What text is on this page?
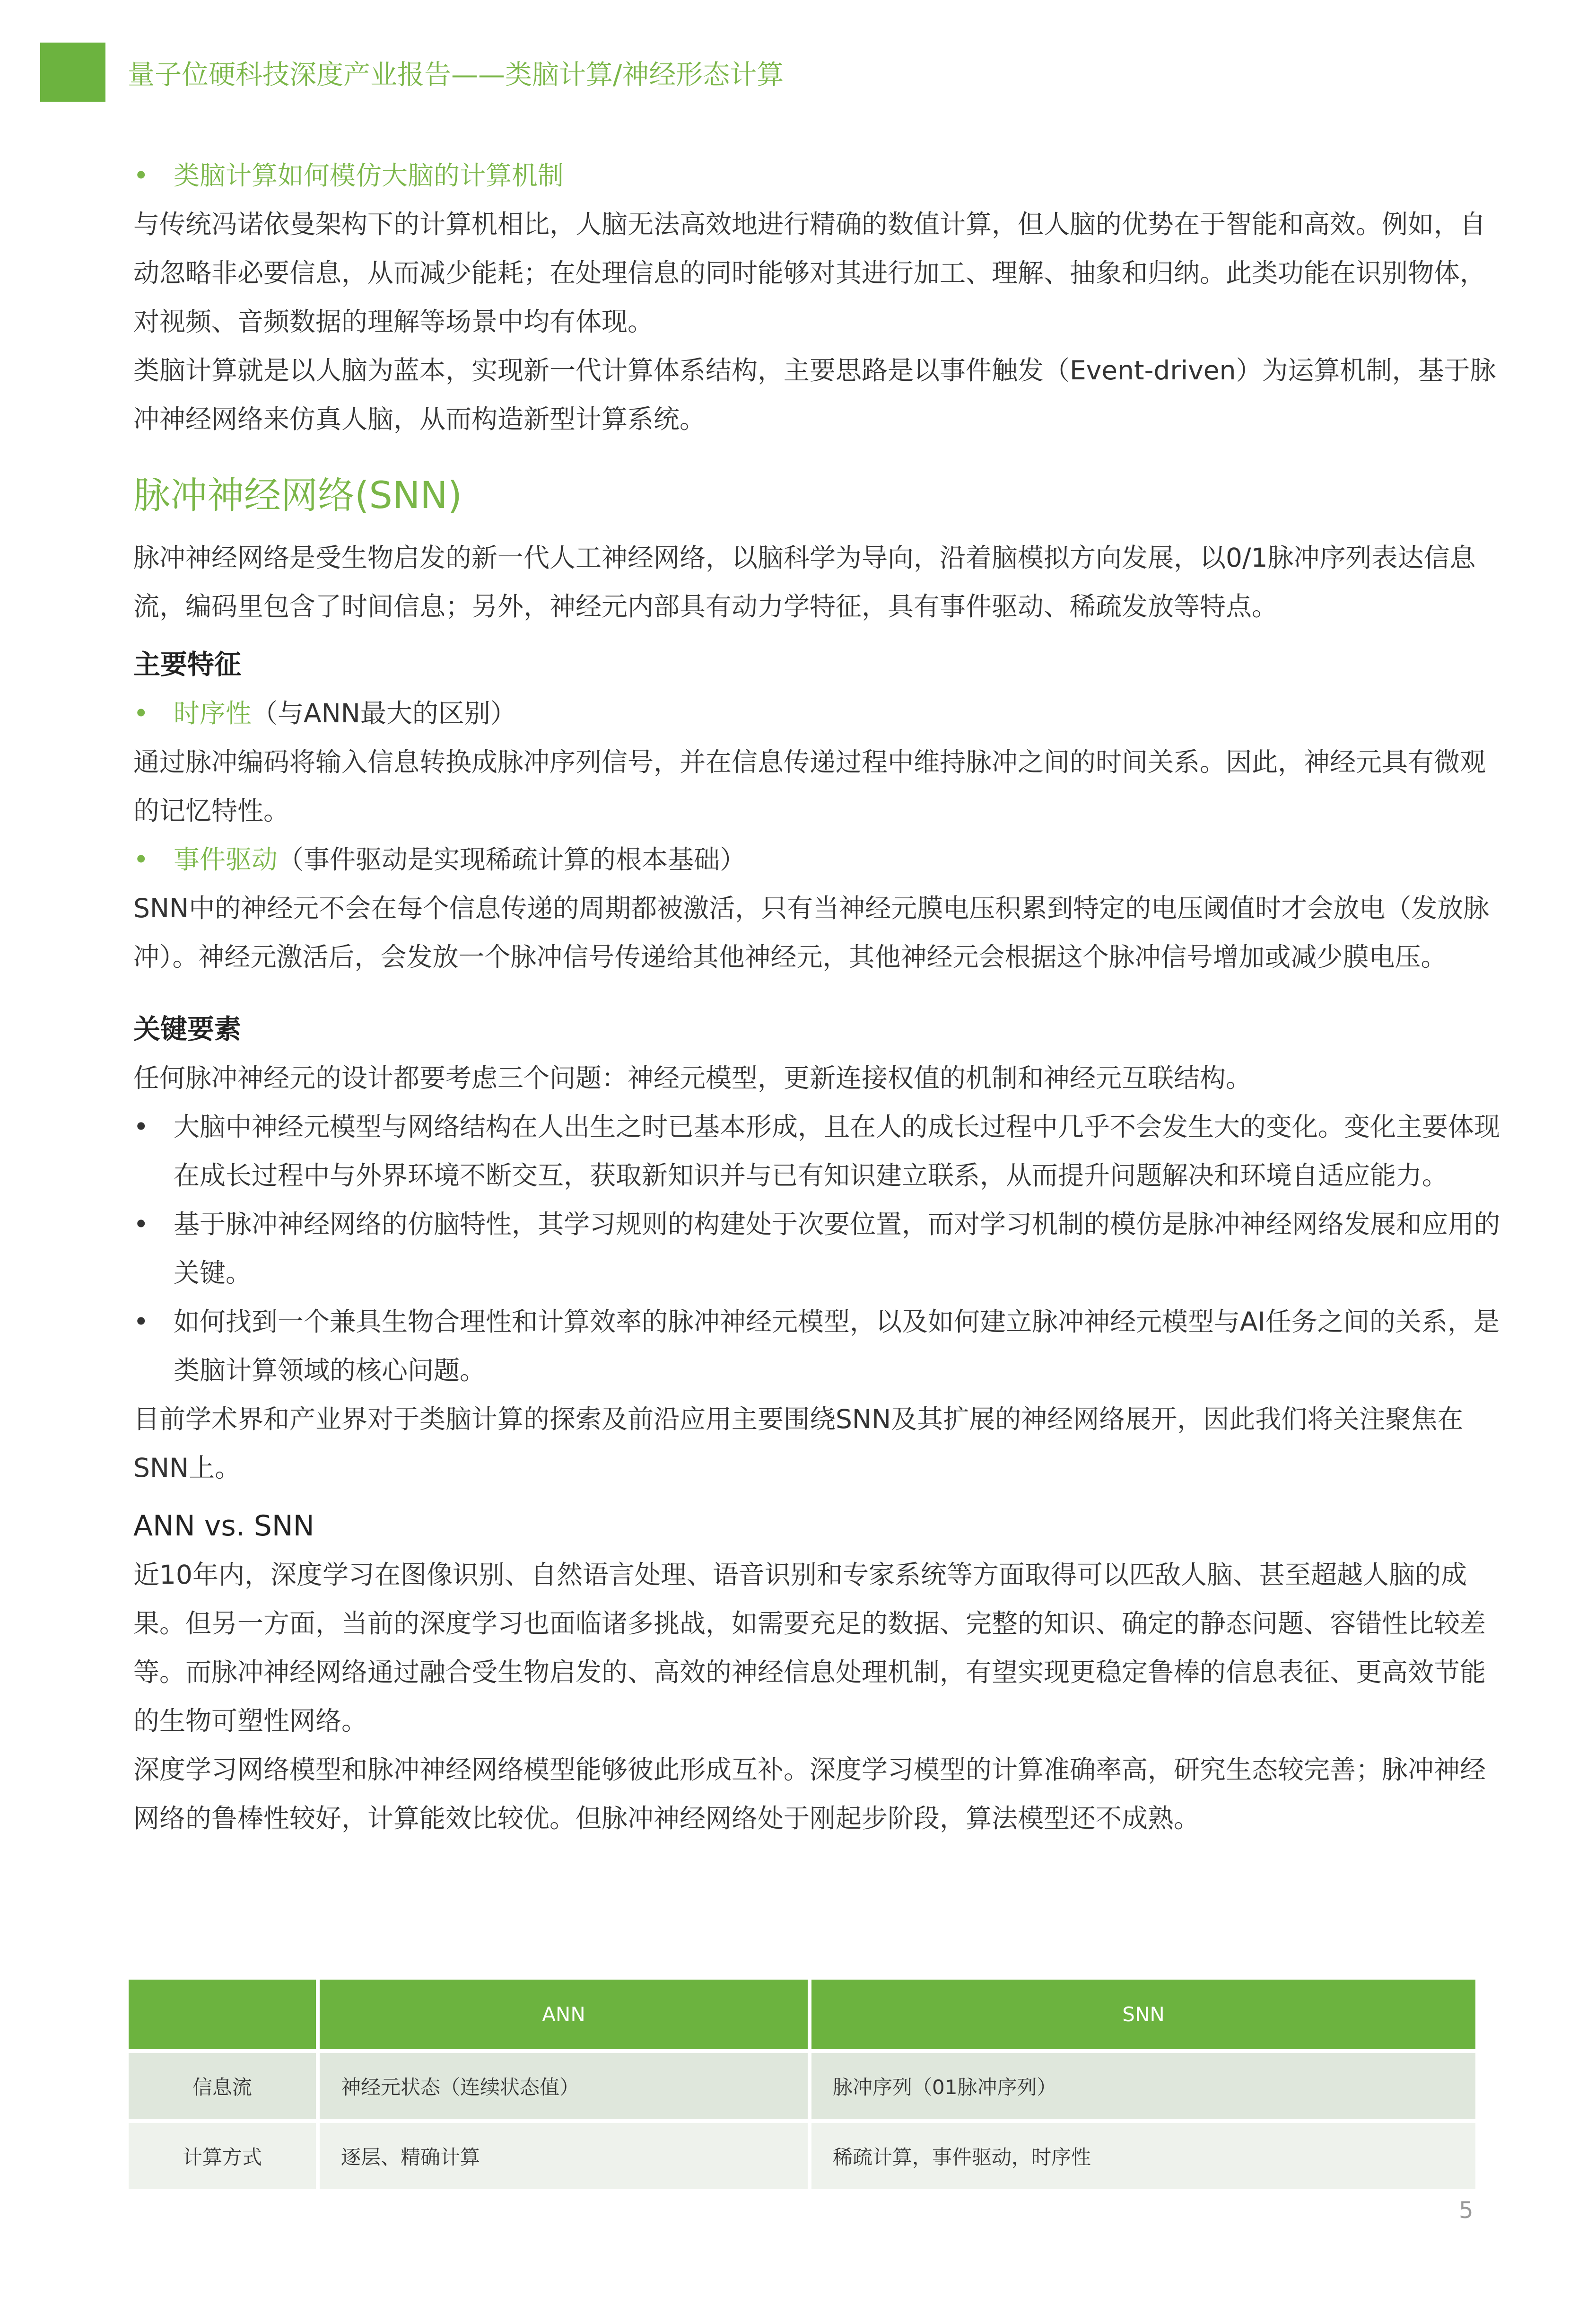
量子位硬科技深度产业报告——类脑计算/神经形态计算
• 类脑计算如何模仿大脑的计算机制

与传统冯诺依曼架构下的计算机相比，人脑无法高效地进行精确的数值计算，但人脑的优势在于智能和高效。例如，自动忽略非必要信息，从而减少能耗；在处理信息的同时能够对其进行加工、理解、抽象和归纳。此类功能在识别物体，对视频、音频数据的理解等场景中均有体现。

类脑计算就是以人脑为蓝本，实现新一代计算体系结构，主要思路是以事件触发（Event-driven）为运算机制，基于脉冲神经网络来仿真人脑，从而构造新型计算系统。

脉冲神经网络(SNN)

脉冲神经网络是受生物启发的新一代人工神经网络，以脑科学为导向，沿着脑模拟方向发展，以0/1脉冲序列表达信息流，编码里包含了时间信息；另外，神经元内部具有动力学特征，具有事件驱动、稀疏发放等特点。

主要特征
• 时序性（与ANN最大的区别）

通过脉冲编码将输入信息转换成脉冲序列信号，并在信息传递过程中维持脉冲之间的时间关系。因此，神经元具有微观的记忆特性。

• 事件驱动（事件驱动是实现稀疏计算的根本基础）

SNN中的神经元不会在每个信息传递的周期都被激活，只有当神经元膜电压积累到特定的电压阈值时才会放电（发放脉冲）。神经元激活后，会发放一个脉冲信号传递给其他神经元，其他神经元会根据这个脉冲信号增加或减少膜电压。

关键要素

任何脉冲神经元的设计都要考虑三个问题：神经元模型，更新连接权值的机制和神经元互联结构。

• 大脑中神经元模型与网络结构在人出生之时已基本形成，且在人的成长过程中几乎不会发生大的变化。变化主要体现在成长过程中与外界环境不断交互，获取新知识并与已有知识建立联系，从而提升问题解决和环境自适应能力。
• 基于脉冲神经网络的仿脑特性，其学习规则的构建处于次要位置，而对学习机制的模仿是脉冲神经网络发展和应用的关键。
• 如何找到一个兼具生物合理性和计算效率的脉冲神经元模型，以及如何建立脉冲神经元模型与AI任务之间的关系，是类脑计算领域的核心问题。

目前学术界和产业界对于类脑计算的探索及前沿应用主要围绕SNN及其扩展的神经网络展开，因此我们将关注聚焦在SNN上。

ANN vs. SNN

近10年内，深度学习在图像识别、自然语言处理、语音识别和专家系统等方面取得可以匹敌人脑、甚至超越人脑的成果。但另一方面，当前的深度学习也面临诸多挑战，如需要充足的数据、完整的知识、确定的静态问题、容错性比较差等。而脉冲神经网络通过融合受生物启发的、高效的神经信息处理机制，有望实现更稳定鲁棒的信息表征、更高效节能的生物可塑性网络。

深度学习网络模型和脉冲神经网络模型能够彼此形成互补。深度学习模型的计算准确率高，研究生态较完善；脉冲神经网络的鲁棒性较好，计算能效比较优。但脉冲神经网络处于刚起步阶段，算法模型还不成熟。

	ANN	SNN
信息流	神经元状态（连续状态值）	脉冲序列（01脉冲序列）
计算方式	逐层、精确计算	稀疏计算，事件驱动，时序性
5
